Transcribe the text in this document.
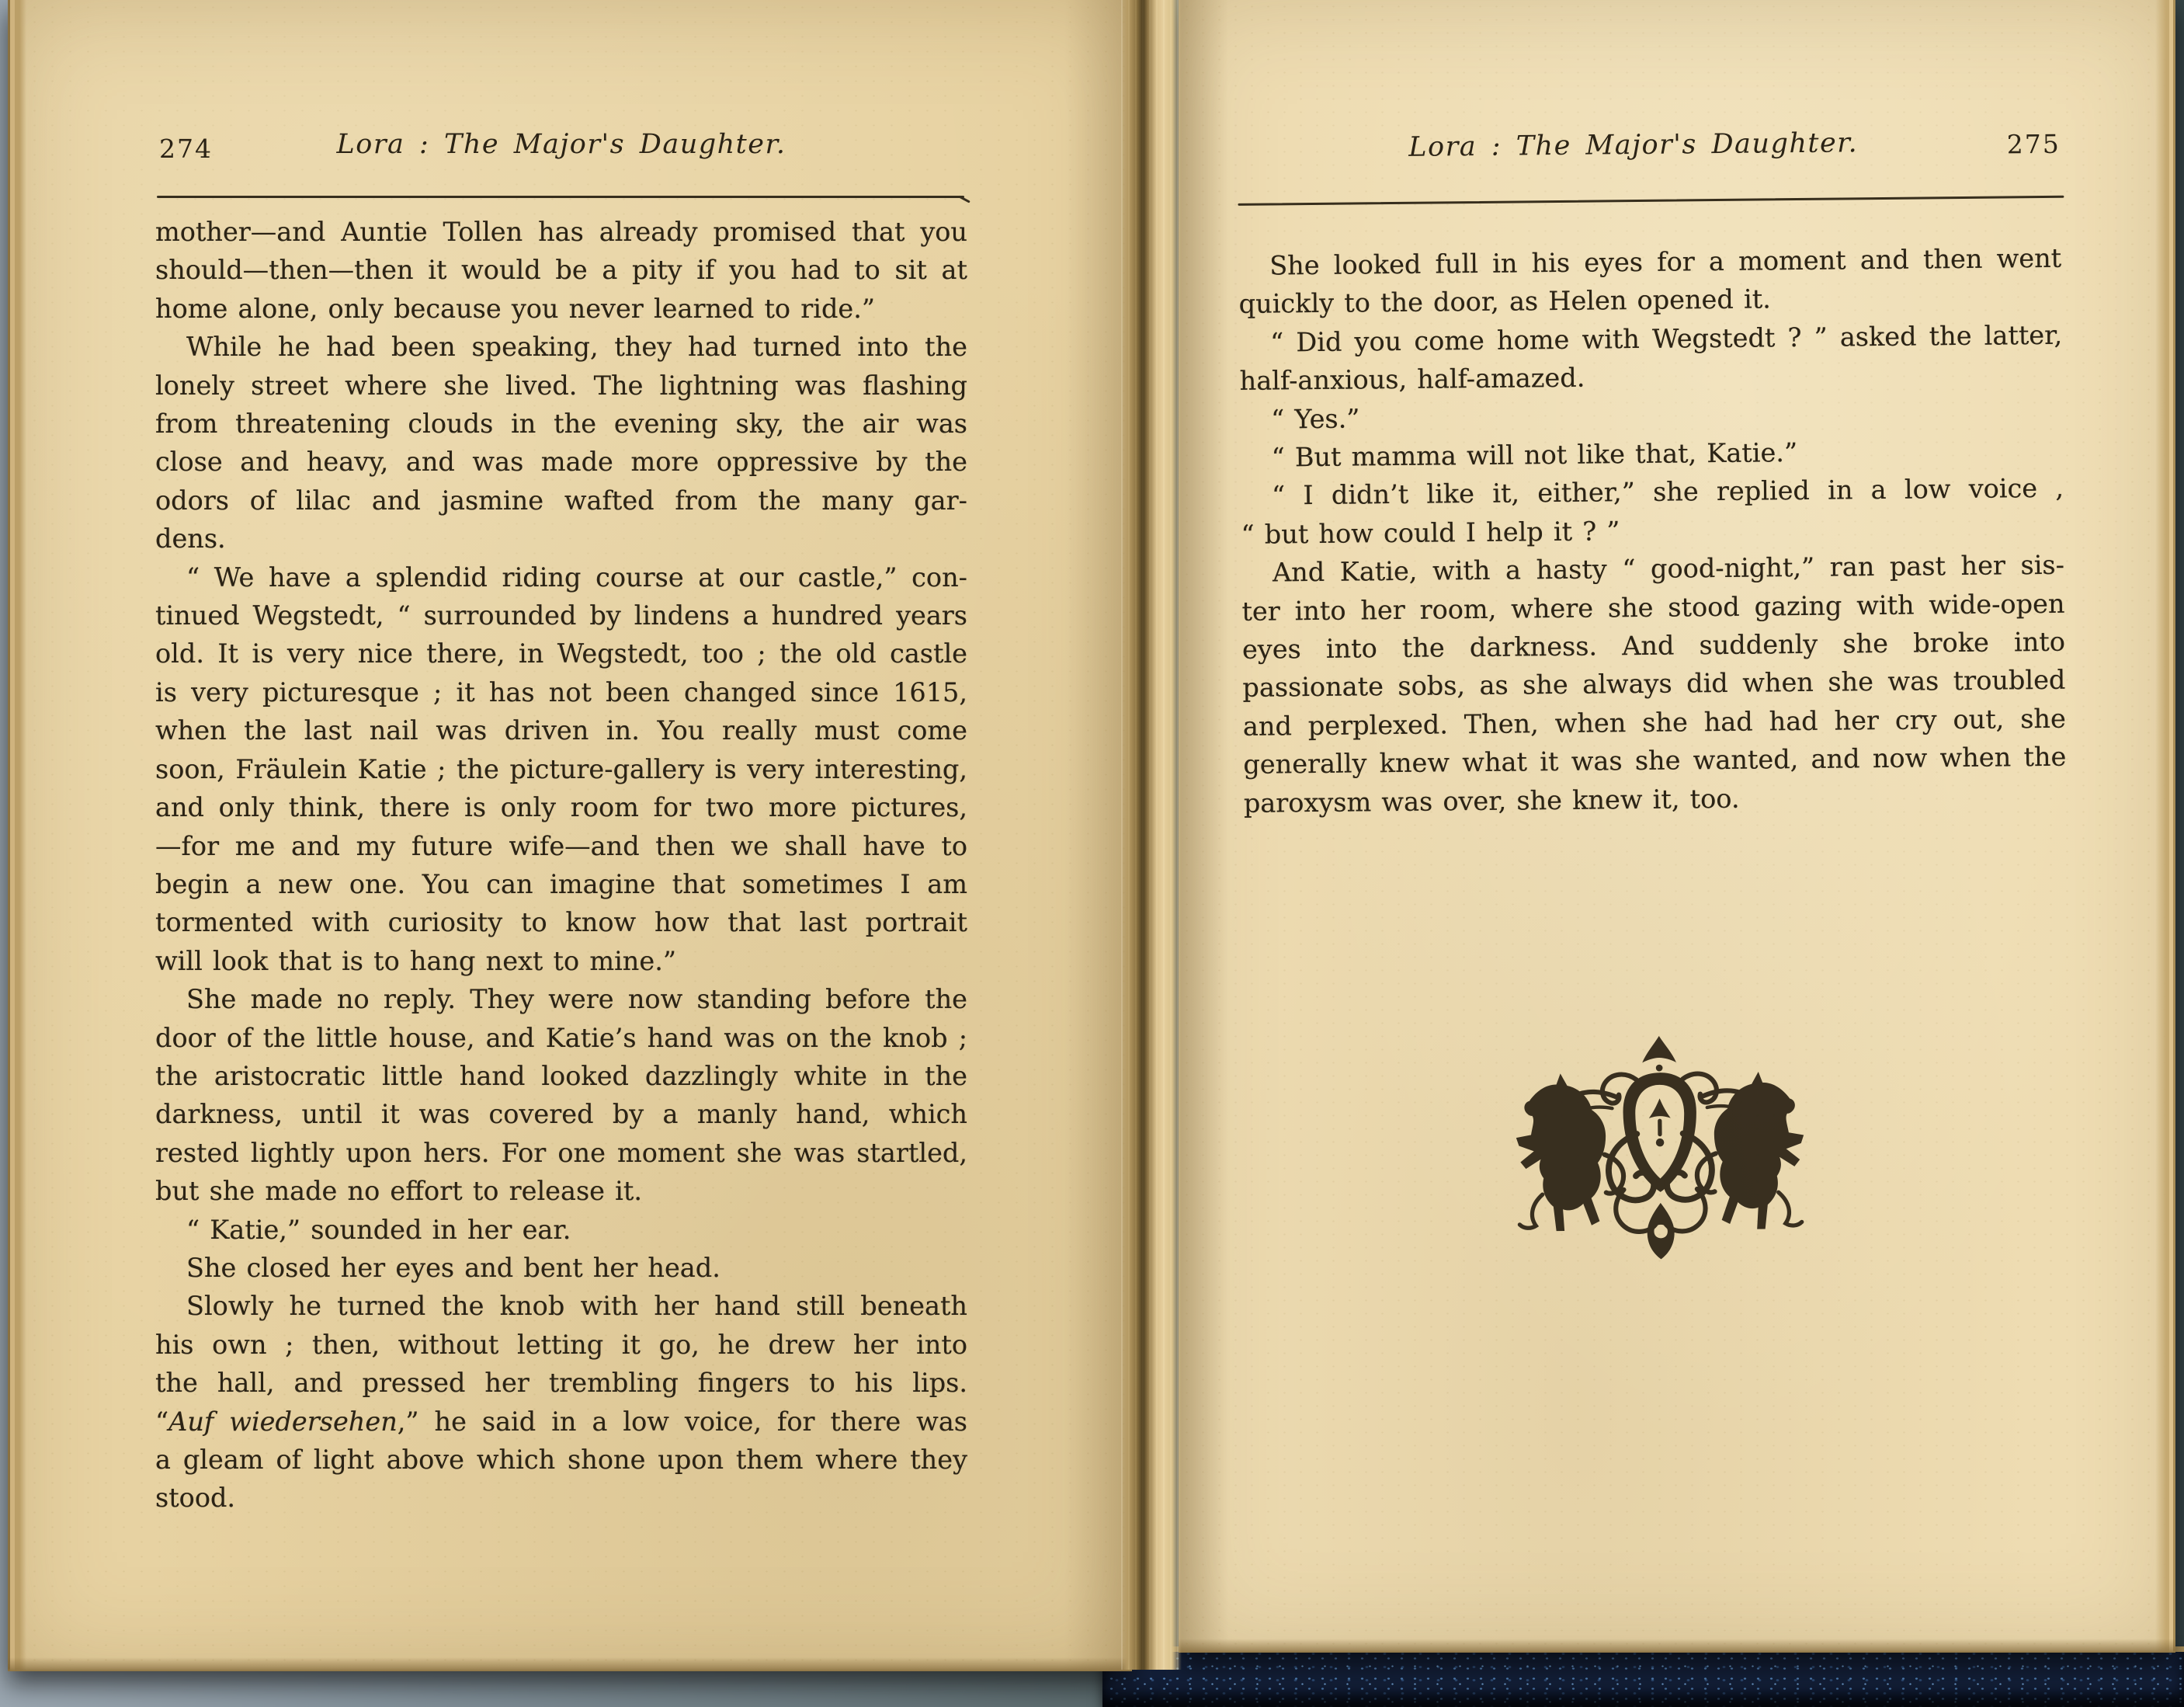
274	Lora : The Major's Daughter.
mother—and Auntie Tollen has already promised that you
should—then—then it would be a pity if you had to sit at
home alone, only because you never learned to ride.”
While he had been speaking, they had turned into the
lonely street where she lived. The lightning was flashing
from threatening clouds in the evening sky, the air was
close and heavy, and was made more oppressive by the
odors of lilac and jasmine wafted from the many gar-
dens.
“ We have a splendid riding course at our castle,” con-
tinued Wegstedt, “ surrounded by lindens a hundred years
old. It is very nice there, in Wegstedt, too ; the old castle
is very picturesque ; it has not been changed since 1615,
when the last nail was driven in. You really must come
soon, Fräulein Katie ; the picture-gallery is very interesting,
and only think, there is only room for two more pictures,
—for me and my future wife—and then we shall have to
begin a new one. You can imagine that sometimes I am
tormented with curiosity to know how that last portrait
will look that is to hang next to mine.”
She made no reply. They were now standing before the
door of the little house, and Katie’s hand was on the knob ;
the aristocratic little hand looked dazzlingly white in the
darkness, until it was covered by a manly hand, which
rested lightly upon hers. For one moment she was startled,
but she made no effort to release it.
“ Katie,” sounded in her ear.
She closed her eyes and bent her head.
Slowly he turned the knob with her hand still beneath
his own ; then, without letting it go, he drew her into
the hall, and pressed her trembling fingers to his lips.
“Auf wiedersehen,” he said in a low voice, for there was
a gleam of light above which shone upon them where they
stood.
Lora : The Major's Daughter.	275
She looked full in his eyes for a moment and then went
quickly to the door, as Helen opened it.
“ Did you come home with Wegstedt ? ” asked the latter,
half-anxious, half-amazed.
“ Yes.”
“ But mamma will not like that, Katie.”
“ I didn’t like it, either,” she replied in a low voice ,
“ but how could I help it ? ”
And Katie, with a hasty “ good-night,” ran past her sis-
ter into her room, where she stood gazing with wide-open
eyes into the darkness. And suddenly she broke into
passionate sobs, as she always did when she was troubled
and perplexed. Then, when she had had her cry out, she
generally knew what it was she wanted, and now when the
paroxysm was over, she knew it, too.
